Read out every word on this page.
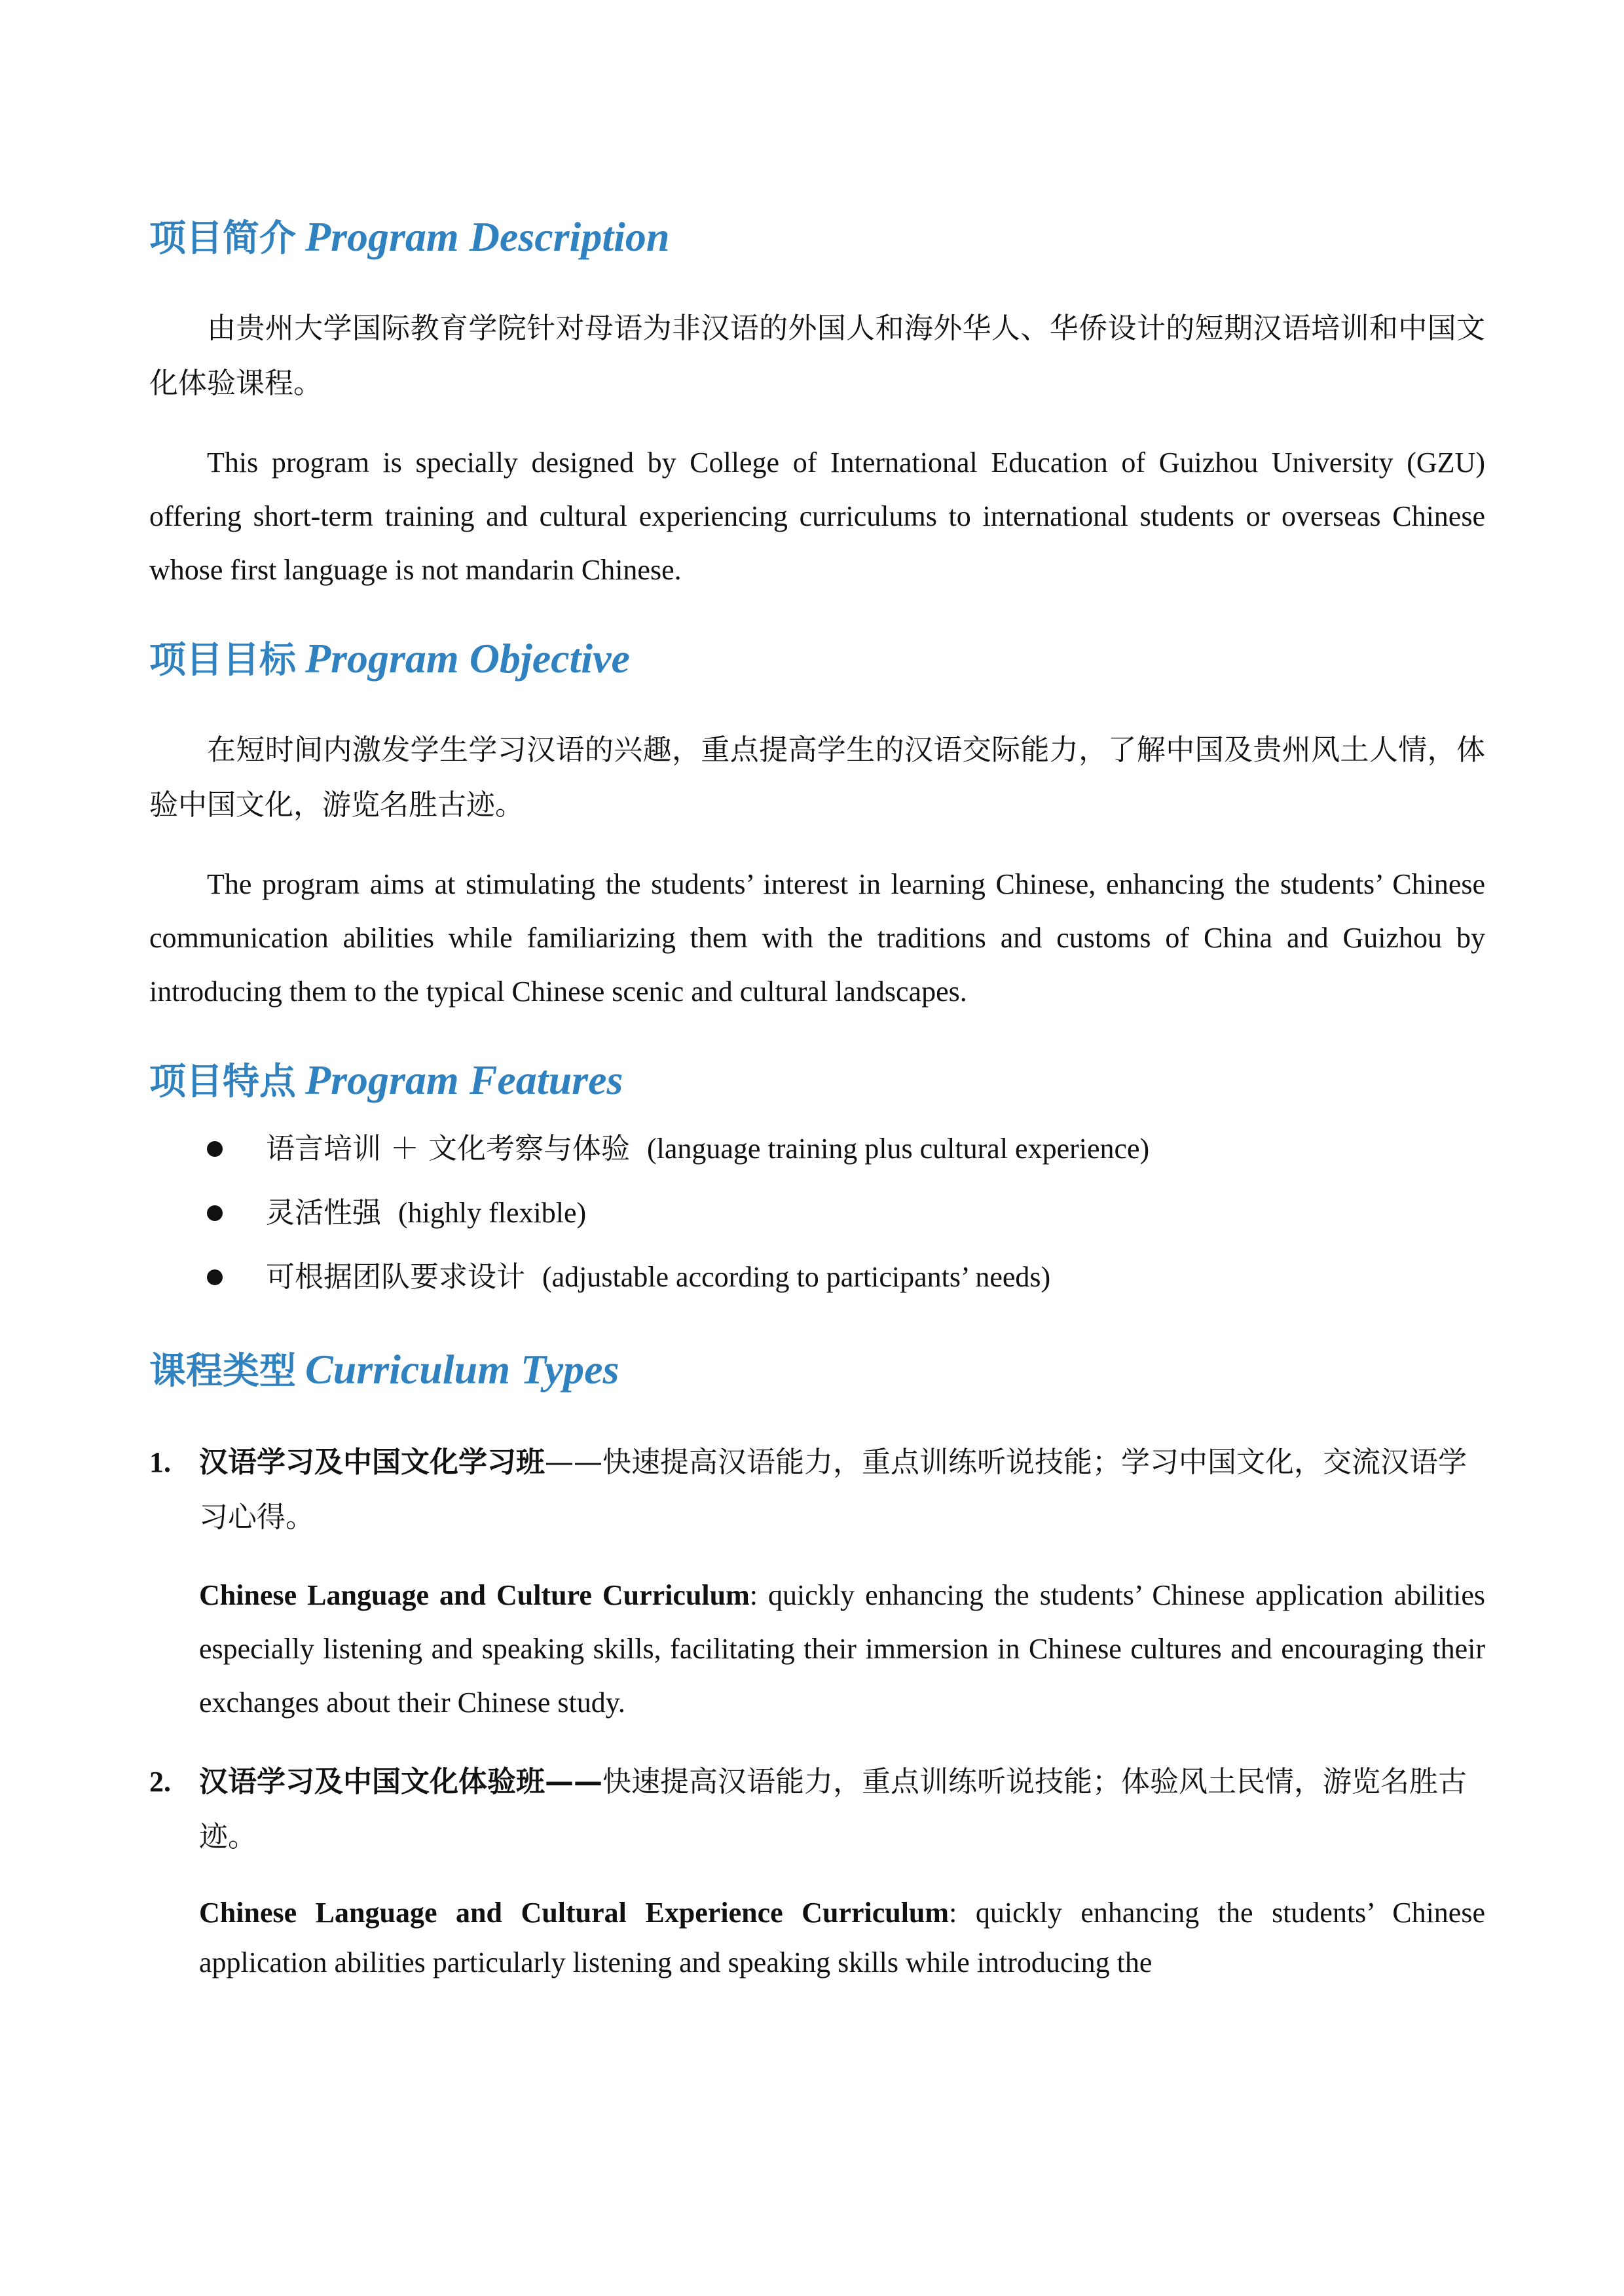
项目简介 Program Description

由贵州大学国际教育学院针对母语为非汉语的外国人和海外华人、华侨设计的短期汉语培训和中国文化体验课程。

This program is specially designed by College of International Education of Guizhou University (GZU) offering short-term training and cultural experiencing curriculums to international students or overseas Chinese whose first language is not mandarin Chinese.

项目目标 Program Objective

在短时间内激发学生学习汉语的兴趣，重点提高学生的汉语交际能力，了解中国及贵州风土人情，体验中国文化，游览名胜古迹。

The program aims at stimulating the students’ interest in learning Chinese, enhancing the students’ Chinese communication abilities while familiarizing them with the traditions and customs of China and Guizhou by introducing them to the typical Chinese scenic and cultural landscapes.

项目特点 Program Features
语言培训 ＋ 文化考察与体验 (language training plus cultural experience)
灵活性强 (highly flexible)
可根据团队要求设计 (adjustable according to participants’ needs)
课程类型 Curriculum Types
1. 汉语学习及中国文化学习班——快速提高汉语能力，重点训练听说技能；学习中国文化，交流汉语学习心得。

Chinese Language and Culture Curriculum: quickly enhancing the students’ Chinese application abilities especially listening and speaking skills, facilitating their immersion in Chinese cultures and encouraging their exchanges about their Chinese study.

2. 汉语学习及中国文化体验班——快速提高汉语能力，重点训练听说技能；体验风土民情，游览名胜古迹。

Chinese Language and Cultural Experience Curriculum: quickly enhancing the students’ Chinese application abilities particularly listening and speaking skills while introducing the
